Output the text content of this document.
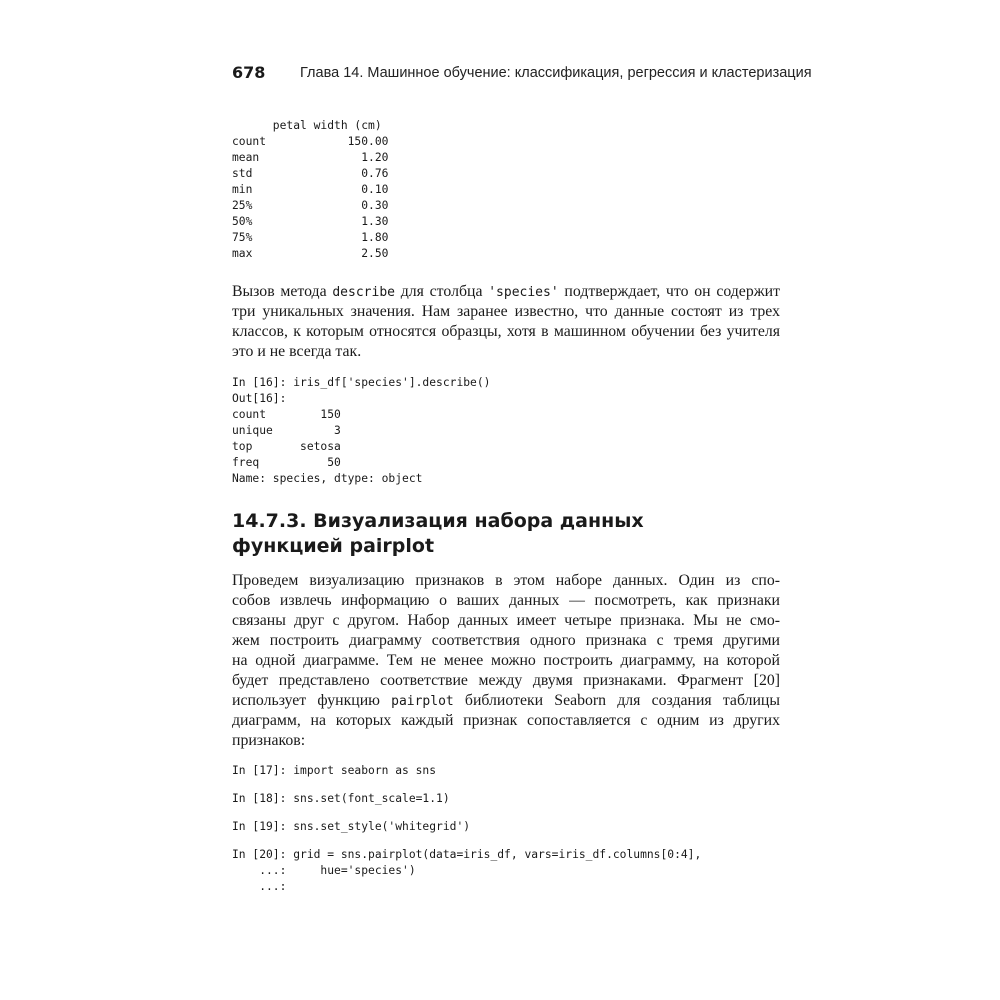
678 Глава 14. Машинное обучение: классификация, регрессия и кластеризация
petal width (cm)
count            150.00
mean               1.20
std                0.76
min                0.10
25%                0.30
50%                1.30
75%                1.80
max                2.50
Вызов метода describe для столбца 'species' подтверждает, что он содержит
три уникальных значения. Нам заранее известно, что данные состоят из трех
классов, к которым относятся образцы, хотя в машинном обучении без учителя
это и не всегда так.
In [16]: iris_df['species'].describe()
Out[16]:
count        150
unique         3
top       setosa
freq          50
Name: species, dtype: object
14.7.3. Визуализация набора данных
функцией pairplot
Проведем визуализацию признаков в этом наборе данных. Один из спо-
собов извлечь информацию о ваших данных — посмотреть, как признаки
связаны друг с другом. Набор данных имеет четыре признака. Мы не смо-
жем построить диаграмму соответствия одного признака с тремя другими
на одной диаграмме. Тем не менее можно построить диаграмму, на которой
будет представлено соответствие между двумя признаками. Фрагмент [20]
использует функцию pairplot библиотеки Seaborn для создания таблицы
диаграмм, на которых каждый признак сопоставляется с одним из других
признаков:
In [17]: import seaborn as sns
In [18]: sns.set(font_scale=1.1)
In [19]: sns.set_style('whitegrid')
In [20]: grid = sns.pairplot(data=iris_df, vars=iris_df.columns[0:4],
...:     hue='species')
...:
